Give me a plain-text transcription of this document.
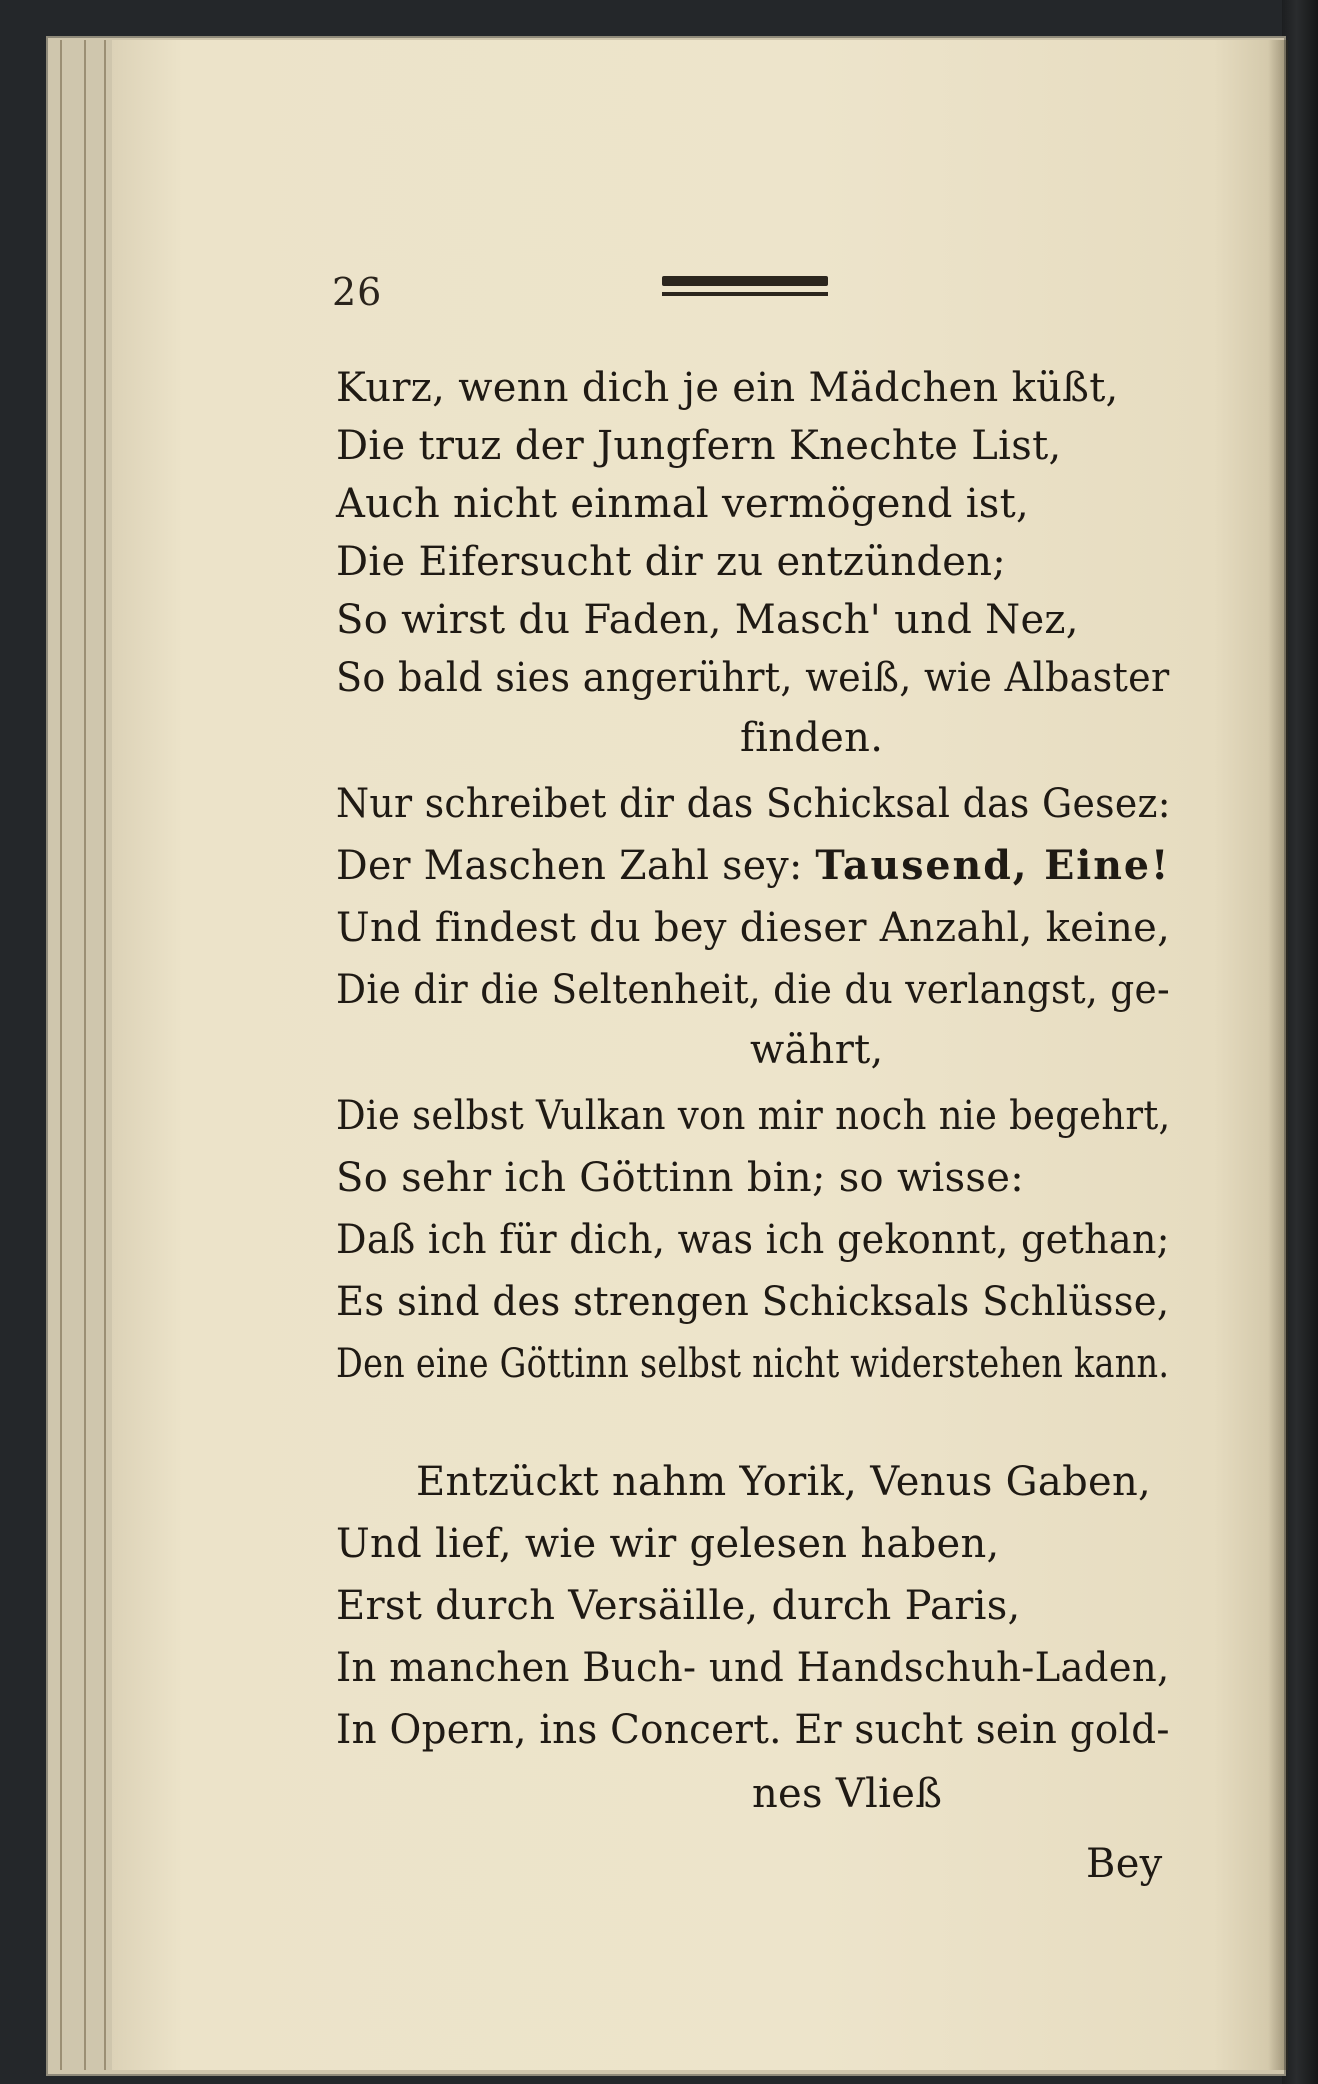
26
Kurz, wenn dich je ein Mädchen küßt,
Die truz der Jungfern Knechte List,
Auch nicht einmal vermögend ist,
Die Eifersucht dir zu entzünden;
So wirst du Faden, Masch' und Nez,
So bald sies angerührt, weiß, wie Albaster
finden.
Nur schreibet dir das Schicksal das Gesez:
Der Maschen Zahl sey: Tausend, Eine!
Und findest du bey dieser Anzahl, keine,
Die dir die Seltenheit, die du verlangst, ge-
währt,
Die selbst Vulkan von mir noch nie begehrt,
So sehr ich Göttinn bin; so wisse:
Daß ich für dich, was ich gekonnt, gethan;
Es sind des strengen Schicksals Schlüsse,
Den eine Göttinn selbst nicht widerstehen kann.
Entzückt nahm Yorik, Venus Gaben,
Und lief, wie wir gelesen haben,
Erst durch Versäille, durch Paris,
In manchen Buch- und Handschuh-Laden,
In Opern, ins Concert. Er sucht sein gold-
nes Vließ
Bey
